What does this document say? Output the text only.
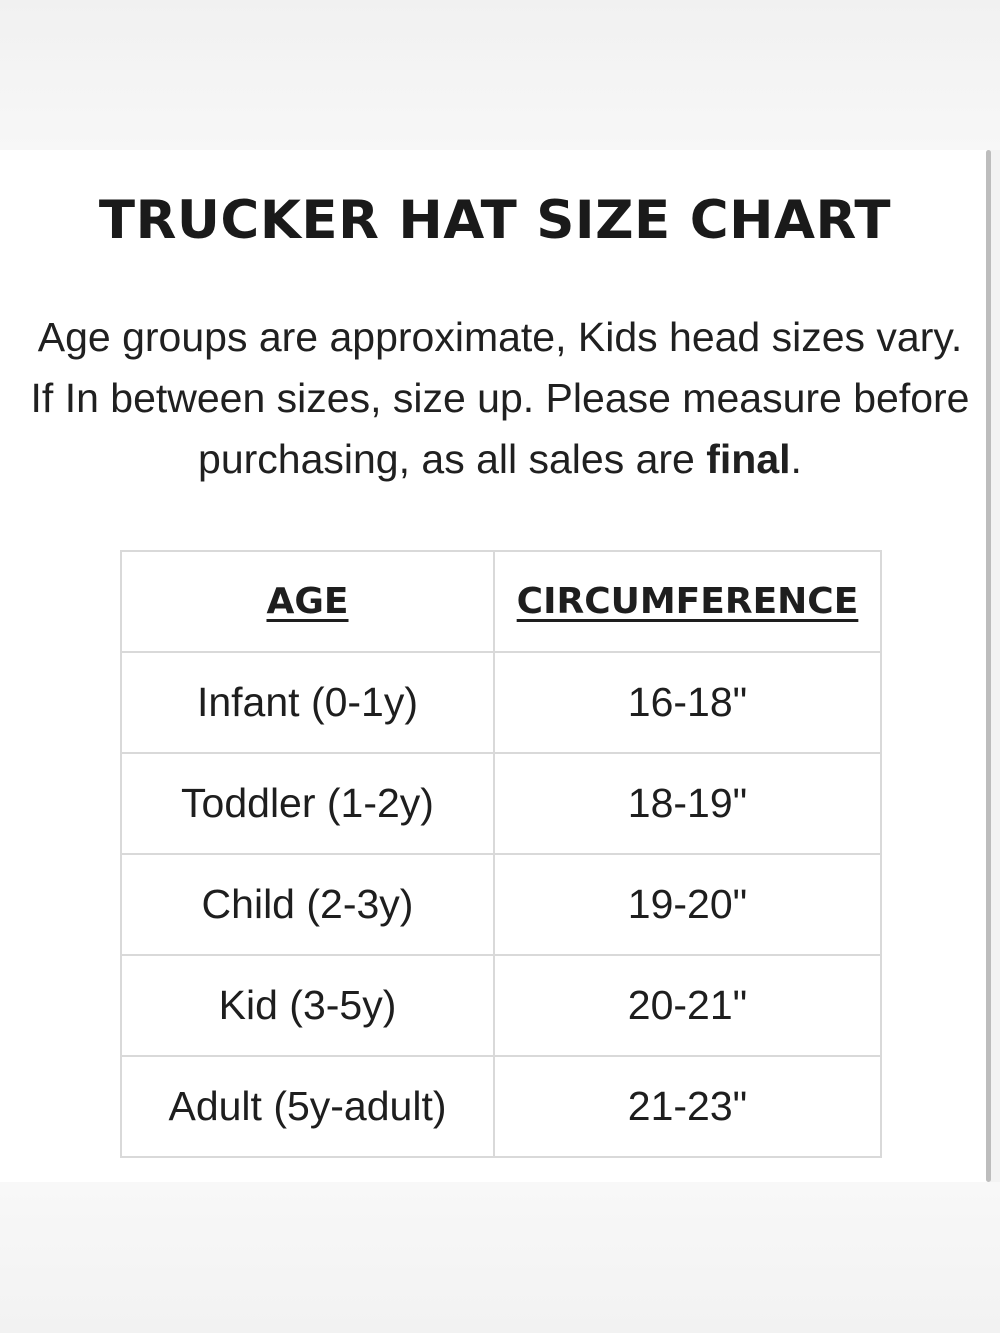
TRUCKER HAT SIZE CHART

Age groups are approximate, Kids head sizes vary. If In between sizes, size up. Please measure before purchasing, as all sales are final.

AGE	CIRCUMFERENCE
Infant (0-1y)	16-18"
Toddler (1-2y)	18-19"
Child (2-3y)	19-20"
Kid (3-5y)	20-21"
Adult (5y-adult)	21-23"
